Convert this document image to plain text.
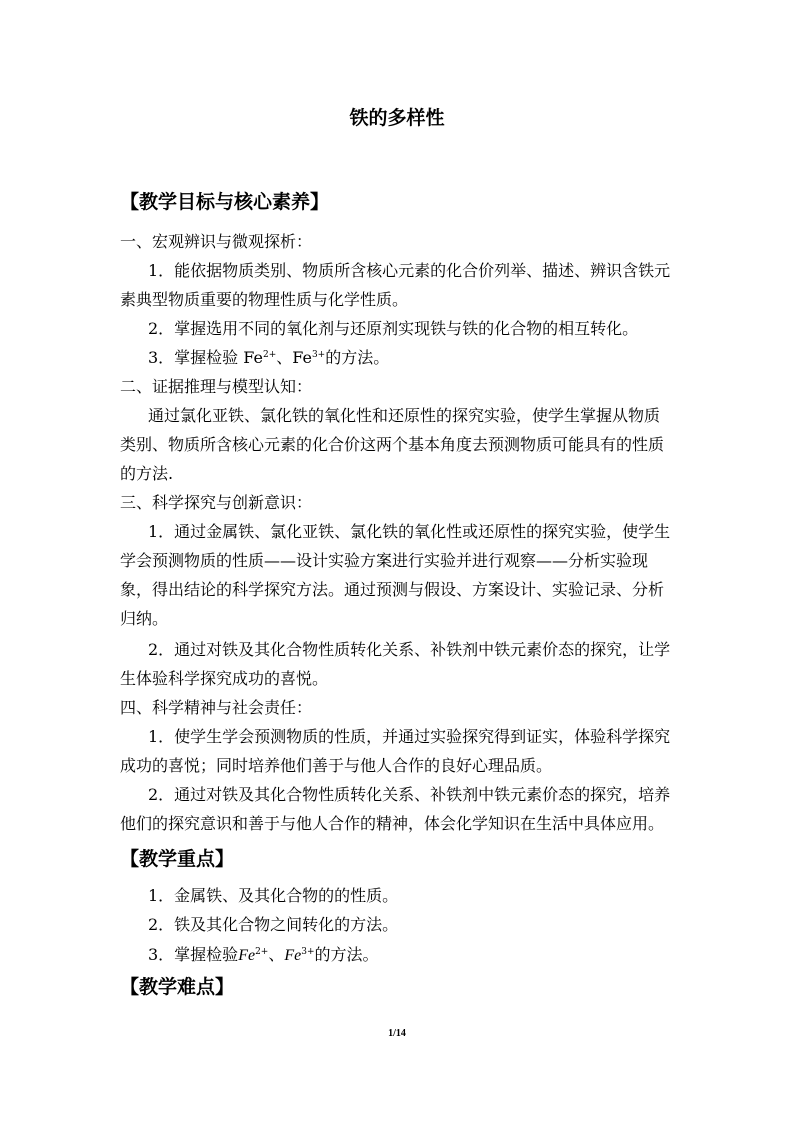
铁的多样性
【教学目标与核心素养】
一、宏观辨识与微观探析：
1．能依据物质类别、物质所含核心元素的化合价列举、描述、辨识含铁元
素典型物质重要的物理性质与化学性质。
2．掌握选用不同的氧化剂与还原剂实现铁与铁的化合物的相互转化。
3．掌握检验 $Fe^{2+}$、$Fe^{3+}$的方法。
二、证据推理与模型认知：
通过氯化亚铁、氯化铁的氧化性和还原性的探究实验，使学生掌握从物质
类别、物质所含核心元素的化合价这两个基本角度去预测物质可能具有的性质
的方法.
三、科学探究与创新意识：
1．通过金属铁、氯化亚铁、氯化铁的氧化性或还原性的探究实验，使学生
学会预测物质的性质——设计实验方案进行实验并进行观察——分析实验现
象，得出结论的科学探究方法。通过预测与假设、方案设计、实验记录、分析
归纳。
2．通过对铁及其化合物性质转化关系、补铁剂中铁元素价态的探究，让学
生体验科学探究成功的喜悦。
四、科学精神与社会责任：
1．使学生学会预测物质的性质，并通过实验探究得到证实，体验科学探究
成功的喜悦；同时培养他们善于与他人合作的良好心理品质。
2．通过对铁及其化合物性质转化关系、补铁剂中铁元素价态的探究，培养
他们的探究意识和善于与他人合作的精神，体会化学知识在生活中具体应用。
【教学重点】
1．金属铁、及其化合物的的性质。
2．铁及其化合物之间转化的方法。
3．掌握检验$Fe^{2+}$、$Fe^{3+}$的方法。
【教学难点】
1/14
